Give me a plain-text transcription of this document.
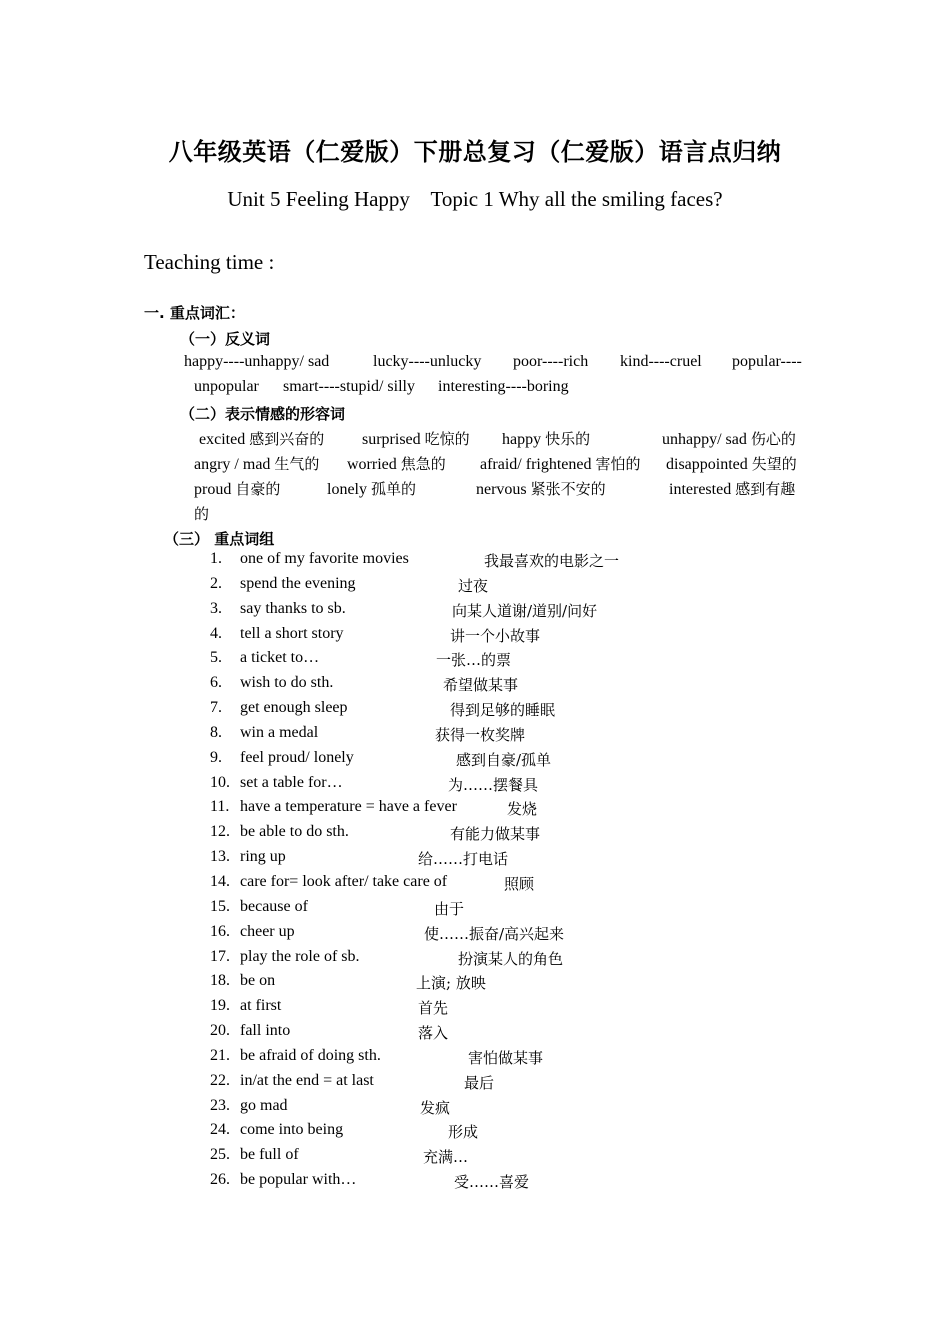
八年级英语（仁爱版）下册总复习（仁爱版）语言点归纳
Unit 5 Feeling Happy    Topic 1 Why all the smiling faces?
Teaching time :
一. 重点词汇：
（一）反义词
happy----unhappy/ sad	lucky----unlucky poor----rich kind----cruel popular----
unpopular smart----stupid/ silly interesting----boring
（二）表示情感的形容词
excited 感到兴奋的 surprised 吃惊的 happy 快乐的	unhappy/ sad 伤心的
angry / mad 生气的 worried 焦急的 afraid/ frightened 害怕的 disappointed 失望的
proud 自豪的	lonely 孤单的	nervous 紧张不安的	interested 感到有趣
的
（三） 重点词组
1. one of my favorite movies	我最喜欢的电影之一
2. spend the evening	过夜
3. say thanks to sb.	向某人道谢/道别/问好
4. tell a short story	讲一个小故事
5. a ticket to…	一张…的票
6. wish to do sth.	希望做某事
7. get enough sleep	得到足够的睡眠
8. win a medal	获得一枚奖牌
9. feel proud/ lonely	感到自豪/孤单
10. set a table for…	为……摆餐具
11. have a temperature = have a fever	发烧
12. be able to do sth.	有能力做某事
13. ring up	给……打电话
14. care for= look after/ take care of	照顾
15. because of	由于
16. cheer up	使……振奋/高兴起来
17. play the role of sb.	扮演某人的角色
18. be on	上演; 放映
19. at first	首先
20. fall into	落入
21. be afraid of doing sth.	害怕做某事
22. in/at the end = at last	最后
23. go mad	发疯
24. come into being	形成
25. be full of	充满…
26. be popular with…	受……喜爱
